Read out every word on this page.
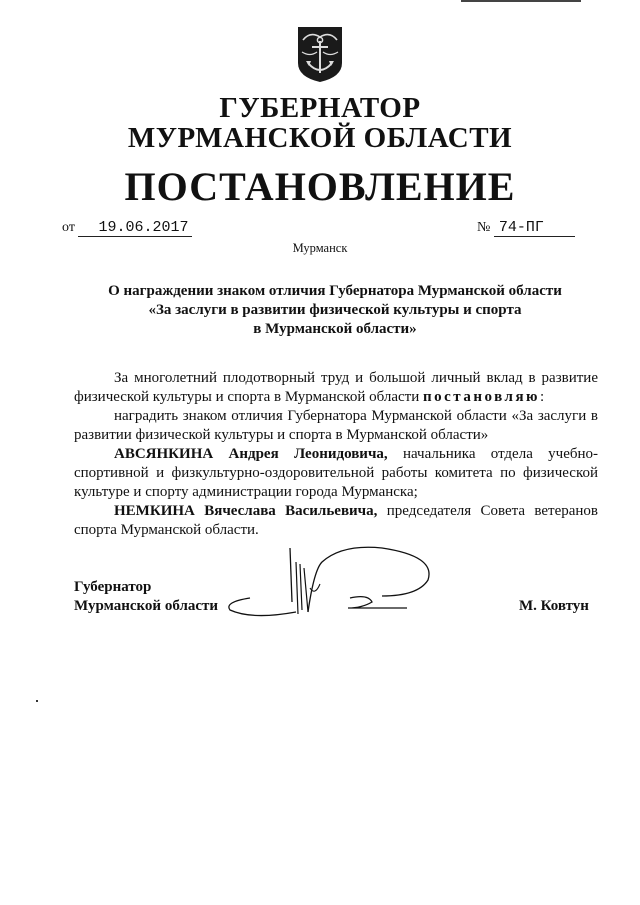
ГУБЕРНАТОР
МУРМАНСКОЙ ОБЛАСТИ
ПОСТАНОВЛЕНИЕ
от 19.06.2017	№ 74-ПГ
Мурманск
О награждении знаком отличия Губернатора Мурманской области
«За заслуги в развитии физической культуры и спорта
в Мурманской области»

За многолетний плодотворный труд и большой личный вклад в развитие физической культуры и спорта в Мурманской области постановляю:

наградить знаком отличия Губернатора Мурманской области «За заслуги в развитии физической культуры и спорта в Мурманской области»

АВСЯНКИНА Андрея Леонидовича, начальника отдела учебно-спортивной и физкультурно-оздоровительной работы комитета по физической культуре и спорту администрации города Мурманска;

НЕМКИНА Вячеслава Васильевича, председателя Совета ветеранов спорта Мурманской области.

Губернатор
Мурманской области	М. Ковтун
